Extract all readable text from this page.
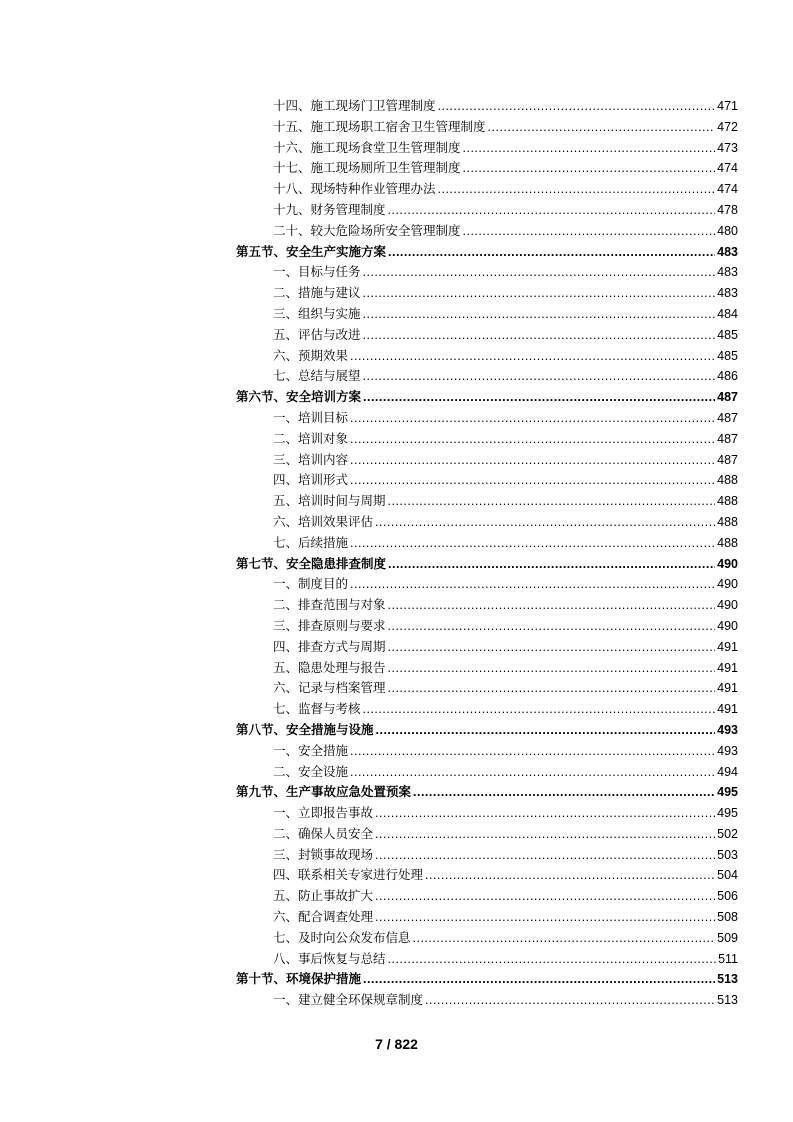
十四、施工现场门卫管理制度 .....	471
十五、施工现场职工宿舍卫生管理制度 .....	472
十六、施工现场食堂卫生管理制度 .....	473
十七、施工现场厕所卫生管理制度 .....	474
十八、现场特种作业管理办法 .....	474
十九、财务管理制度 .....	478
二十、较大危险场所安全管理制度 .....	480
第五节、安全生产实施方案 .....	483
一、目标与任务 .....	483
二、措施与建议 .....	483
三、组织与实施 .....	484
五、评估与改进 .....	485
六、预期效果 .....	485
七、总结与展望 .....	486
第六节、安全培训方案 .....	487
一、培训目标 .....	487
二、培训对象 .....	487
三、培训内容 .....	487
四、培训形式 .....	488
五、培训时间与周期 .....	488
六、培训效果评估 .....	488
七、后续措施 .....	488
第七节、安全隐患排查制度 .....	490
一、制度目的 .....	490
二、排查范围与对象 .....	490
三、排查原则与要求 .....	490
四、排查方式与周期 .....	491
五、隐患处理与报告 .....	491
六、记录与档案管理 .....	491
七、监督与考核 .....	491
第八节、安全措施与设施 .....	493
一、安全措施 .....	493
二、安全设施 .....	494
第九节、生产事故应急处置预案 .....	495
一、立即报告事故 .....	495
二、确保人员安全 .....	502
三、封锁事故现场 .....	503
四、联系相关专家进行处理 .....	504
五、防止事故扩大 .....	506
六、配合调查处理 .....	508
七、及时向公众发布信息 .....	509
八、事后恢复与总结 .....	511
第十节、环境保护措施 .....	513
一、建立健全环保规章制度 .....	513
7 / 822
